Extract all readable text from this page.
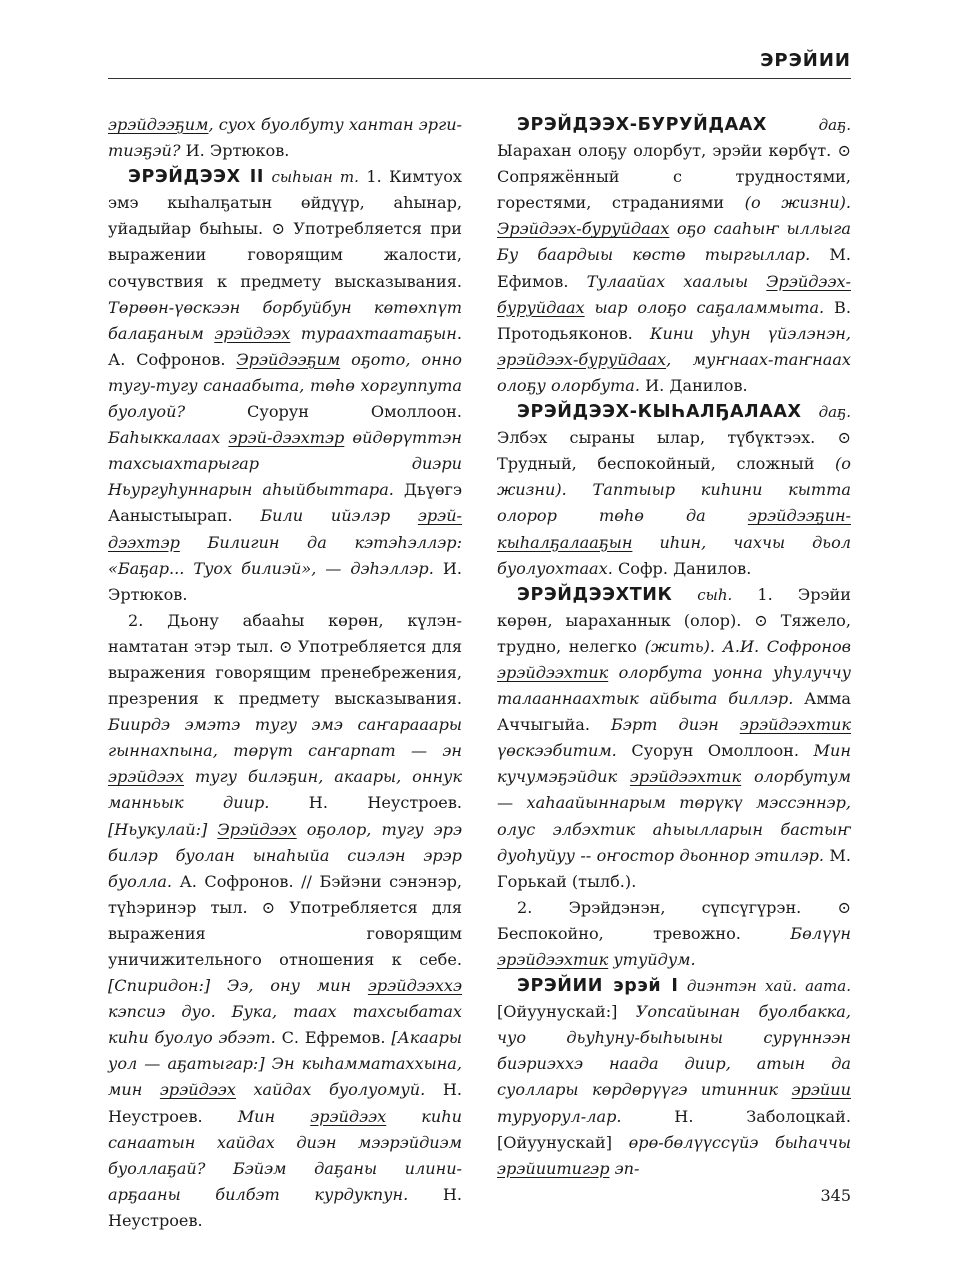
ЭРЭЙИИ

эрэйдээҕим, сyох буолбуту хантан эрги-тиэҕэй? И. Эртюков.

ЭРЭЙДЭЭХ II сыһыан т. 1. Кимтуох эмэ кыһалҕатын өйдүүр, аһынар, уйадыйар быһыы. ⊙ Употребляется при выражении говорящим жалости, сочувствия к предмету высказывания. Төрөөн-үөскээн борбуйбун көтөхпүт балаҕаным эрэйдээх тураахтаатаҕын. А. Софронов. Эрэйдээҕим оҕото, онно тугу-тугу санаабыта, төһө хоргуппута буолуой? Суорун Омоллоон. Баһыккалаах эрэй-дээхтэр өйдөрүттэн тахсыахтарыгар диэри Ньургуһуннарын аһыйбыттара. Дьүөгэ Ааныстыырап. Били ийэлэр эрэй-дээхтэр Билигин да кэтэһэллэр: «Баҕар... Туох билиэй», — дэһэллэр. И. Эртюков.

2. Дьону абааһы көрөн, күлэн-намтатан этэр тыл. ⊙ Употребляется для выражения говорящим пренебрежения, презрения к предмету высказывания. Биирдэ эмэтэ тугу эмэ саҥарааары гыннахпына, төрүт саҥарпат — эн эрэйдээх тугу билэҕин, акаары, оннук манньык диир. Н. Неустроев. [Ньукулай:] Эрэйдээх оҕолор, тугу эрэ билэр буолан ынаһыйа сиэлэн эрэр буолла. А. Софронов. // Бэйэни сэнэнэр, түһэринэр тыл. ⊙ Употребляется для выражения говорящим уничижительного отношения к себе. [Спиридон:] Ээ, ону мин эрэйдээххэ кэпсиэ дуо. Бука, таах тахсыбатах киһи буолуо эбээт. С. Ефремов. [Акаары уол — аҕатыгар:] Эн кыһамматаххына, мин эрэйдээх хайдах буолуомуй. Н. Неустроев. Мин эрэйдээх киһи санаатын хайдах диэн мээрэйдиэм буоллаҕай? Бэйэм даҕаны илини-арҕааны билбэт курдукпун. Н. Неустроев.

ЭРЭЙДЭЭХ-БУРУЙДААХ даҕ. Ыарахан олоҕу олорбут, эрэйи көрбүт. ⊙ Сопряжённый с трудностями, горестями, страданиями (о жизни). Эрэйдээх-буруйдаах оҕо сааһыҥ ыллыга Бу баардыы көстө тыргыллар. М. Ефимов. Тулаайах хаалыы Эрэйдээх-буруйдаах ыар олоҕо саҕаламмыта. В. Протодьяконов. Кини уһун үйэлэнэн, эрэйдээх-буруйдаах, муҥнаах-таҥнаах олоҕу олорбута. И. Данилов.

ЭРЭЙДЭЭХ-КЫҺАЛҔАЛААХ даҕ. Элбэх сыраны ылар, түбүктээх. ⊙ Трудный, беспокойный, сложный (о жизни). Таптыыр киһини кытта олорор төһө да эрэйдээҕин-кыһалҕалааҕын иһин, чахчы дьол буолуохтаах. Софр. Данилов.

ЭРЭЙДЭЭХТИК сыһ. 1. Эрэйи көрөн, ыараханнык (олор). ⊙ Тяжело, трудно, нелегко (жить). А.И. Софронов эрэйдээхтик олорбута уонна уһулуччу талааннаахтык айбыта биллэр. Амма Аччыгыйа. Бэрт диэн эрэйдээхтик үөскээбитим. Суорун Омоллоон. Мин кучумэҕэйдик эрэйдээхтик олорбутум — хаһаайыннарым төрүкү мэссэннэр, олус элбэхтик аһыылларын бастыҥ дуоһуйуу -- оҥостор дьоннор этилэр. М. Горькай (тылб.).

2. Эрэйдэнэн, сүпсүгүрэн. ⊙ Беспокойно, тревожно. Бөлүүн эрэйдээхтик утуйдум.

ЭРЭЙИИ эрэй I диэнтэн хай. аата. [Ойуунускай:] Уопсайынан буолбакка, чуо дьуһуну-быһыыны сурүннээн биэриэххэ наада диир, атын да суоллары көрдөрүүгэ итинник эрэйии туруорул-лар. Н. Заболоцкай. [Ойуунускай] өрө-бөлүүссүйэ быһаччы эрэйиитигэр эп-

345
